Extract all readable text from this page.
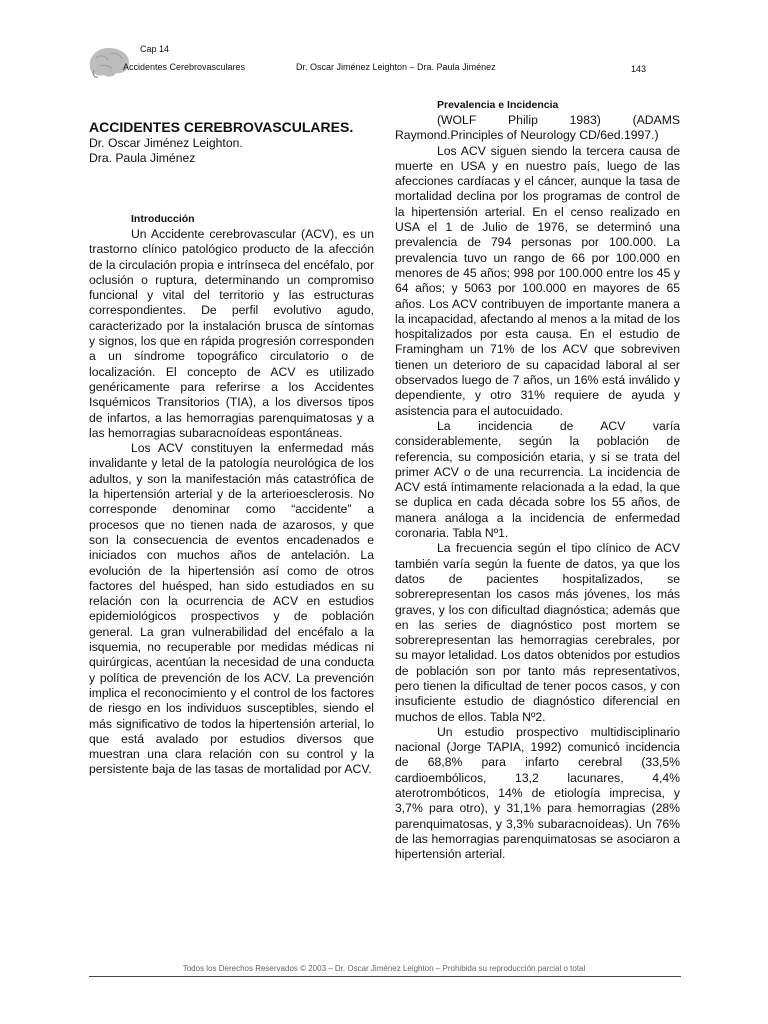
Cap 14
Accidentes Cerebrovasculares	Dr. Oscar Jiménez Leighton – Dra. Paula Jiménez	143
ACCIDENTES CEREBROVASCULARES.
Dr. Oscar Jiménez Leighton.
Dra. Paula Jiménez

Introducción

Un Accidente cerebrovascular (ACV), es un trastorno clínico patológico producto de la afección de la circulación propia e intrínseca del encéfalo, por oclusión o ruptura, determinando un compromiso funcional y vital del territorio y las estructuras correspondientes. De perfil evolutivo agudo, caracterizado por la instalación brusca de síntomas y signos, los que en rápida progresión corresponden a un síndrome topográfico circulatorio o de localización. El concepto de ACV es utilizado genéricamente para referirse a los Accidentes Isquémicos Transitorios (TIA), a los diversos tipos de infartos, a las hemorragias parenquimatosas y a las hemorragias subaracnoídeas espontáneas.

Los ACV constituyen la enfermedad más invalidante y letal de la patología neurológica de los adultos, y son la manifestación más catastrófica de la hipertensión arterial y de la arterioesclerosis. No corresponde denominar como “accidente” a procesos que no tienen nada de azarosos, y que son la consecuencia de eventos encadenados e iniciados con muchos años de antelación. La evolución de la hipertensión así como de otros factores del huésped, han sido estudiados en su relación con la ocurrencia de ACV en estudios epidemiológicos prospectivos y de población general. La gran vulnerabilidad del encéfalo a la isquemia, no recuperable por medidas médicas ni quirúrgicas, acentúan la necesidad de una conducta y política de prevención de los ACV. La prevención implica el reconocimiento y el control de los factores de riesgo en los individuos susceptibles, siendo el más significativo de todos la hipertensión arterial, lo que está avalado por estudios diversos que muestran una clara relación con su control y la persistente baja de las tasas de mortalidad por ACV.

Prevalencia e Incidencia

(WOLF Philip 1983) (ADAMS Raymond.Principles of Neurology CD/6ed.1997.)

Los ACV siguen siendo la tercera causa de muerte en USA y en nuestro país, luego de las afecciones cardíacas y el cáncer, aunque la tasa de mortalidad declina por los programas de control de la hipertensión arterial. En el censo realizado en USA el 1 de Julio de 1976, se determinó una prevalencia de 794 personas por 100.000. La prevalencia tuvo un rango de 66 por 100.000 en menores de 45 años; 998 por 100.000 entre los 45 y 64 años; y 5063 por 100.000 en mayores de 65 años. Los ACV contribuyen de importante manera a la incapacidad, afectando al menos a la mitad de los hospitalizados por esta causa. En el estudio de Framingham un 71% de los ACV que sobreviven tienen un deterioro de su capacidad laboral al ser observados luego de 7 años, un 16% está inválido y dependiente, y otro 31% requiere de ayuda y asistencia para el autocuidado.

La incidencia de ACV varía considerablemente, según la población de referencia, su composición etaria, y si se trata del primer ACV o de una recurrencia. La incidencia de ACV está íntimamente relacionada a la edad, la que se duplica en cada década sobre los 55 años, de manera análoga a la incidencia de enfermedad coronaria. Tabla Nº1.

La frecuencia según el tipo clínico de ACV también varía según la fuente de datos, ya que los datos de pacientes hospitalizados, se sobrerepresentan los casos más jóvenes, los más graves, y los con dificultad diagnóstica; además que en las series de diagnóstico post mortem se sobrerepresentan las hemorragias cerebrales, por su mayor letalidad. Los datos obtenidos por estudios de población son por tanto más representativos, pero tienen la dificultad de tener pocos casos, y con insuficiente estudio de diagnóstico diferencial en muchos de ellos. Tabla Nº2.

Un estudio prospectivo multidisciplinario nacional (Jorge TAPIA, 1992) comunicó incidencia de 68,8% para infarto cerebral (33,5% cardioembólicos, 13,2 lacunares, 4,4% aterotrombóticos, 14% de etiología imprecisa, y 3,7% para otro), y 31,1% para hemorragias (28% parenquimatosas, y 3,3% subaracnoídeas). Un 76% de las hemorragias parenquimatosas se asociaron a hipertensión arterial.

Todos los Derechos Reservados © 2003 – Dr. Oscar Jiménez Leighton – Prohibida su reproducción parcial o total
